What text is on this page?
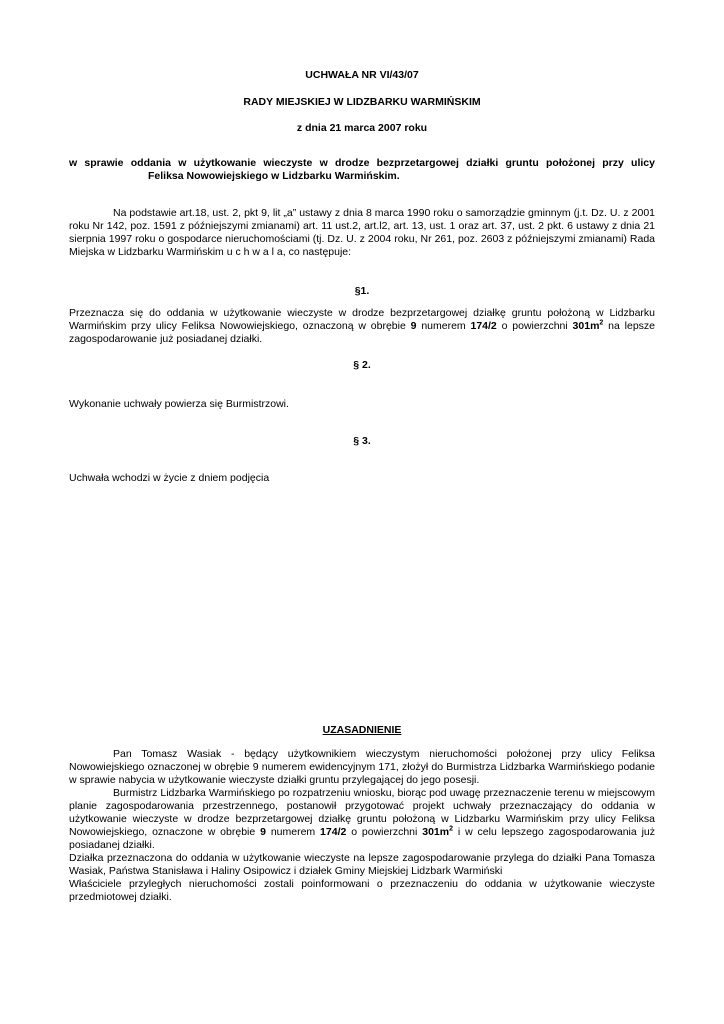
UCHWAŁA NR VI/43/07
RADY MIEJSKIEJ W LIDZBARKU WARMIŃSKIM
z dnia 21 marca 2007 roku
w sprawie oddania w użytkowanie wieczyste w drodze bezprzetargowej działki gruntu położonej przy ulicy
Feliksa Nowowiejskiego w Lidzbarku Warmińskim.

Na podstawie art.18, ust. 2, pkt 9, lit „a” ustawy z dnia 8 marca 1990 roku o samorządzie gminnym (j.t. Dz. U. z 2001 roku Nr 142, poz. 1591 z późniejszymi zmianami) art. 11 ust.2, art.l2, art. 13, ust. 1 oraz art. 37, ust. 2 pkt. 6 ustawy z dnia 21 sierpnia 1997 roku o gospodarce nieruchomościami (tj. Dz. U. z 2004 roku, Nr 261, poz. 2603 z późniejszymi zmianami) Rada Miejska w Lidzbarku Warmińskim u c h w a l a, co następuje:

§1.

Przeznacza się do oddania w użytkowanie wieczyste w drodze bezprzetargowej działkę gruntu położoną w Lidzbarku Warmińskim przy ulicy Feliksa Nowowiejskiego, oznaczoną w obrębie 9 numerem 174/2 o powierzchni $301m^2$ na lepsze zagospodarowanie już posiadanej działki.

§ 2.
Wykonanie uchwały powierza się Burmistrzowi.
§ 3.
Uchwała wchodzi w życie z dniem podjęcia
UZASADNIENIE

Pan Tomasz Wasiak - będący użytkownikiem wieczystym nieruchomości położonej przy ulicy Feliksa Nowowiejskiego oznaczonej w obrębie 9 numerem ewidencyjnym 171, złożył do Burmistrza Lidzbarka Warmińskiego podanie w sprawie nabycia w użytkowanie wieczyste działki gruntu przylegającej do jego posesji.

Burmistrz Lidzbarka Warmińskiego po rozpatrzeniu wniosku, biorąc pod uwagę przeznaczenie terenu w miejscowym planie zagospodarowania przestrzennego, postanowił przygotować projekt uchwały przeznaczający do oddania w użytkowanie wieczyste w drodze bezprzetargowej działkę gruntu położoną w Lidzbarku Warmińskim przy ulicy Feliksa Nowowiejskiego, oznaczone w obrębie 9 numerem 174/2 o powierzchni $301m^2$ i w celu lepszego zagospodarowania już posiadanej działki.

Działka przeznaczona do oddania w użytkowanie wieczyste na lepsze zagospodarowanie przylega do działki Pana Tomasza Wasiak, Państwa Stanisława i Haliny Osipowicz i działek Gminy Miejskiej Lidzbark Warmiński

Właściciele przyległych nieruchomości zostali poinformowani o przeznaczeniu do oddania w użytkowanie wieczyste przedmiotowej działki.
